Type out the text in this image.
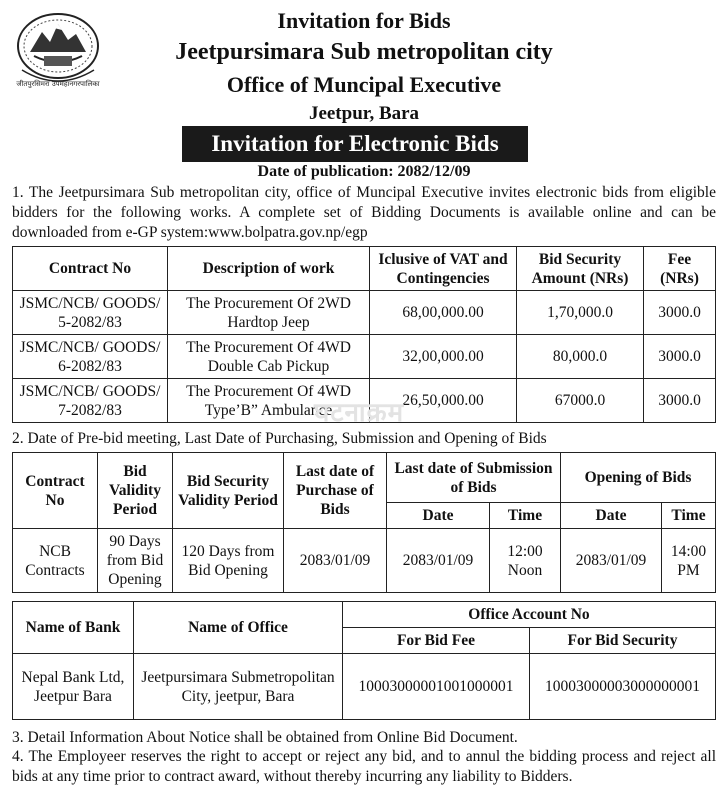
जीतपुरसिमरा उपमहानगरपालिका
Invitation for Bids
Jeetpursimara Sub metropolitan city
Office of Muncipal Executive
Jeetpur, Bara
Invitation for Electronic Bids
Date of publication: 2082/12/09
1. The Jeetpursimara Sub metropolitan city, office of Muncipal Executive invites electronic bids from eligible bidders for the following works. A complete set of Bidding Documents is available online and can be downloaded from e-GP system:www.bolpatra.gov.np/egp
Contract No	Description of work	Iclusive of VAT and Contingencies	Bid Security Amount (NRs)	Fee (NRs)
JSMC/NCB/ GOODS/ 5-2082/83	The Procurement Of 2WD Hardtop Jeep	68,00,000.00	1,70,000.0	3000.0
JSMC/NCB/ GOODS/ 6-2082/83	The Procurement Of 4WD Double Cab Pickup	32,00,000.00	80,000.0	3000.0
JSMC/NCB/ GOODS/ 7-2082/83	The Procurement Of 4WD Type’B” Ambulance	26,50,000.00	67000.0	3000.0
घटनाक्रम
2. Date of Pre-bid meeting, Last Date of Purchasing, Submission and Opening of Bids
Contract No	Bid Validity Period	Bid Security Validity Period	Last date of Purchase of Bids	Last date of Submission of Bids		Opening of Bids	
				Date	Time	Date	Time
NCB Contracts	90 Days from Bid Opening	120 Days from Bid Opening	2083/01/09	2083/01/09	12:00 Noon	2083/01/09	14:00 PM
Name of Bank	Name of Office	Office Account No	
		For Bid Fee	For Bid Security
Nepal Bank Ltd, Jeetpur Bara	Jeetpursimara Submetropolitan City, jeetpur, Bara	10003000001001000001	10003000003000000001
3. Detail Information About Notice shall be obtained from Online Bid Document.
4. The Employeer reserves the right to accept or reject any bid, and to annul the bidding process and reject all bids at any time prior to contract award, without thereby incurring any liability to Bidders.
